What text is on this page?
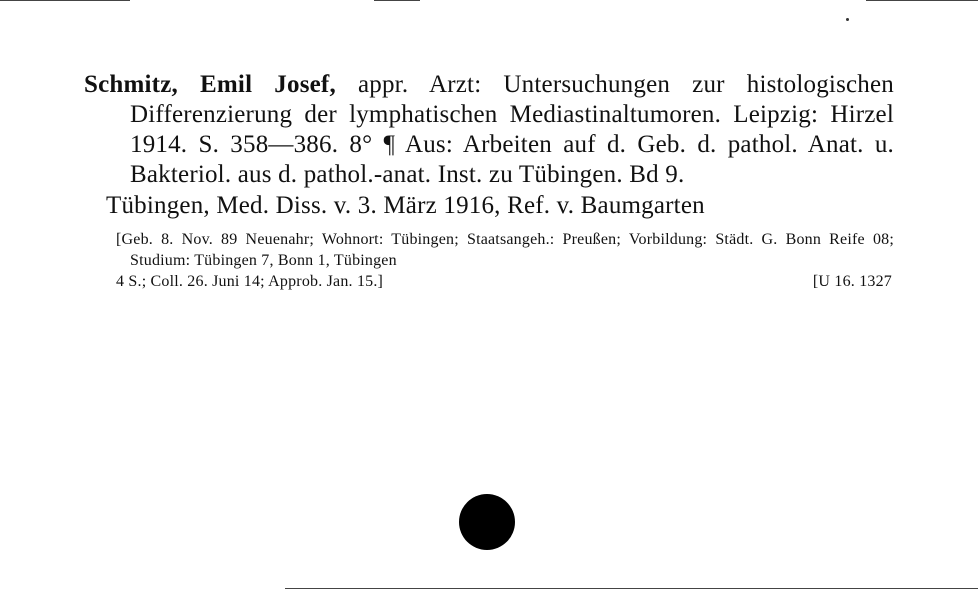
Schmitz, Emil Josef, appr. Arzt: Untersuchungen zur histologischen Differenzierung der lymphatischen Mediastinaltumoren. Leipzig: Hirzel 1914. S. 358—386. 8° ¶ Aus: Arbeiten auf d. Geb. d. pathol. Anat. u. Bakteriol. aus d. pathol.-anat. Inst. zu Tübingen. Bd 9.
Tübingen, Med. Diss. v. 3. März 1916, Ref. v. Baumgarten
[Geb. 8. Nov. 89 Neuenahr; Wohnort: Tübingen; Staatsangeh.: Preußen; Vorbildung: Städt. G. Bonn Reife 08; Studium: Tübingen 7, Bonn 1, Tübingen
4 S.; Coll. 26. Juni 14; Approb. Jan. 15.]	[U 16. 1327
